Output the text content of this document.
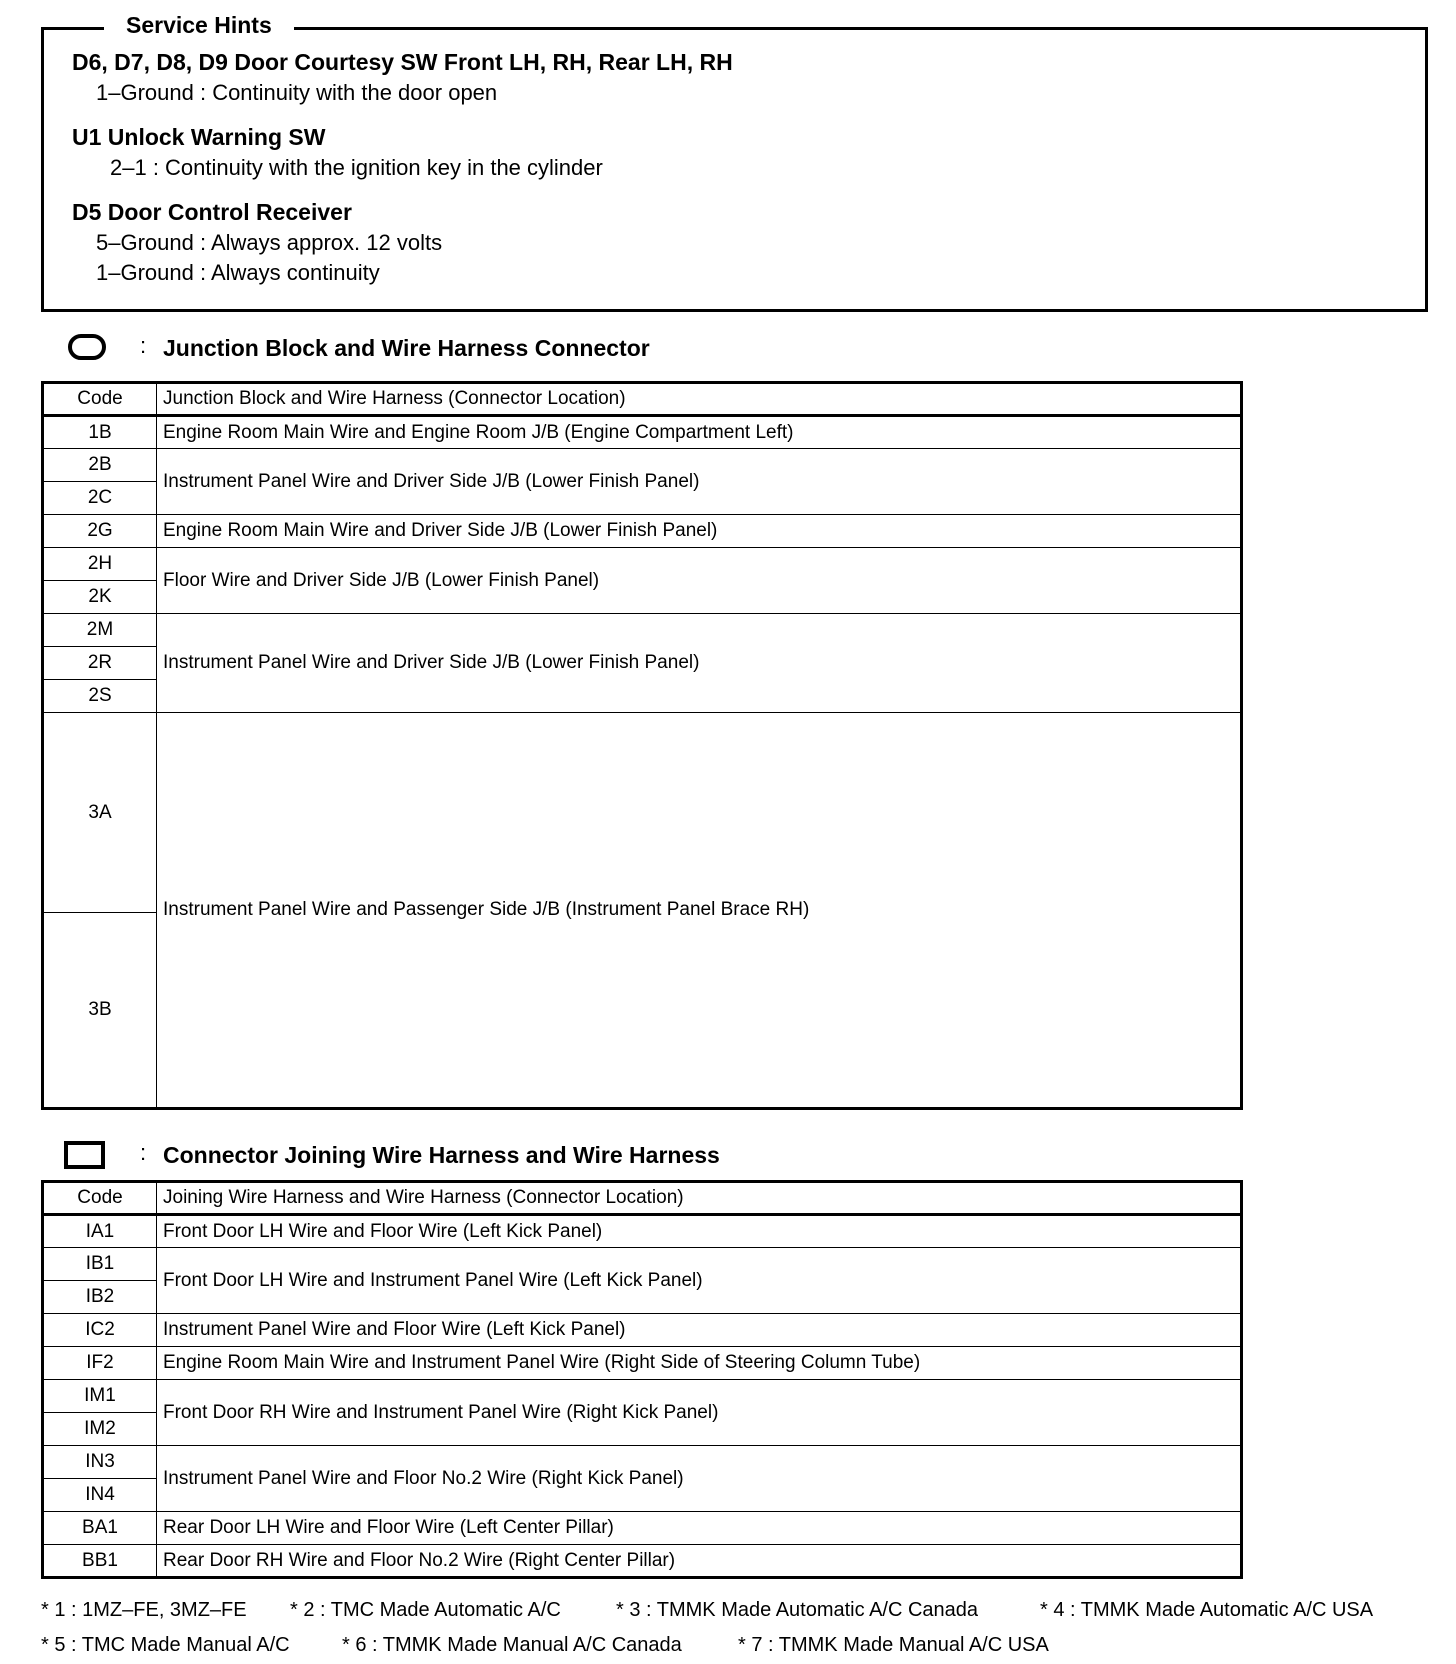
Service Hints
D6, D7, D8, D9 Door Courtesy SW Front LH, RH, Rear LH, RH
1–Ground : Continuity with the door open
U1 Unlock Warning SW
2–1 : Continuity with the ignition key in the cylinder
D5 Door Control Receiver
5–Ground : Always approx. 12 volts
1–Ground : Always continuity
: Junction Block and Wire Harness Connector
Code	Junction Block and Wire Harness (Connector Location)
1B	Engine Room Main Wire and Engine Room J/B (Engine Compartment Left)
2B	Instrument Panel Wire and Driver Side J/B (Lower Finish Panel)
2C	
2G	Engine Room Main Wire and Driver Side J/B (Lower Finish Panel)
2H	Floor Wire and Driver Side J/B (Lower Finish Panel)
2K	
2M	Instrument Panel Wire and Driver Side J/B (Lower Finish Panel)
2R	
2S	
3A	Instrument Panel Wire and Passenger Side J/B (Instrument Panel Brace RH)
3B	
: Connector Joining Wire Harness and Wire Harness
Code	Joining Wire Harness and Wire Harness (Connector Location)
IA1	Front Door LH Wire and Floor Wire (Left Kick Panel)
IB1	Front Door LH Wire and Instrument Panel Wire (Left Kick Panel)
IB2	
IC2	Instrument Panel Wire and Floor Wire (Left Kick Panel)
IF2	Engine Room Main Wire and Instrument Panel Wire (Right Side of Steering Column Tube)
IM1	Front Door RH Wire and Instrument Panel Wire (Right Kick Panel)
IM2	
IN3	Instrument Panel Wire and Floor No.2 Wire (Right Kick Panel)
IN4	
BA1	Rear Door LH Wire and Floor Wire (Left Center Pillar)
BB1	Rear Door RH Wire and Floor No.2 Wire (Right Center Pillar)
* 1 : 1MZ–FE, 3MZ–FE * 2 : TMC Made Automatic A/C	* 3 : TMMK Made Automatic A/C Canada	* 4 : TMMK Made Automatic A/C USA
* 5 : TMC Made Manual A/C	* 6 : TMMK Made Manual A/C Canada	* 7 : TMMK Made Manual A/C USA
